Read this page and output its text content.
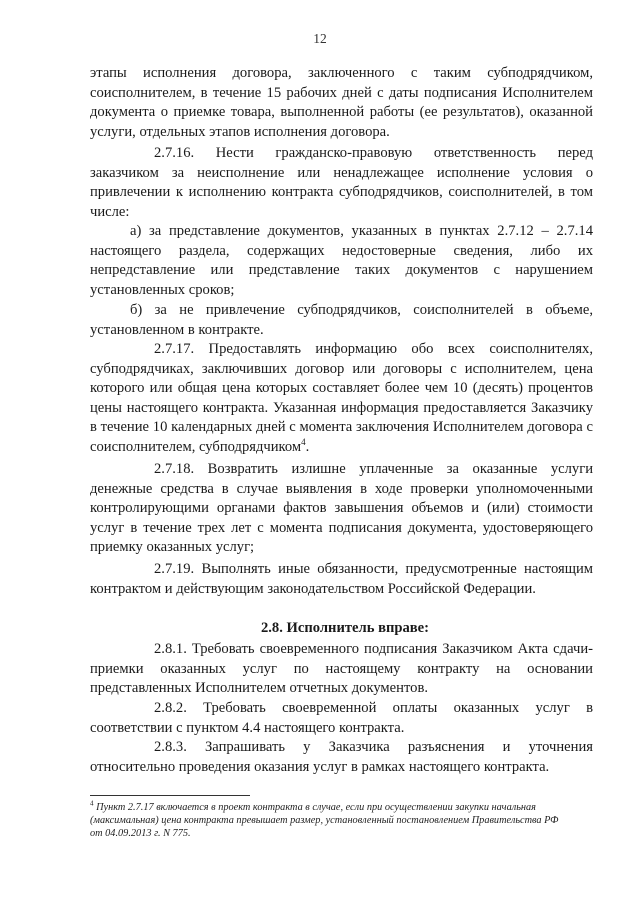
12

этапы исполнения договора, заключенного с таким субподрядчиком, соисполнителем, в течение 15 рабочих дней с даты подписания Исполнителем документа о приемке товара, выполненной работы (ее результатов), оказанной услуги, отдельных этапов исполнения договора.

2.7.16. Нести гражданско-правовую ответственность перед заказчиком за неисполнение или ненадлежащее исполнение условия о привлечении к исполнению контракта субподрядчиков, соисполнителей, в том числе:

а) за представление документов, указанных в пунктах 2.7.12 – 2.7.14 настоящего раздела, содержащих недостоверные сведения, либо их непредставление или представление таких документов с нарушением установленных сроков;

б) за не привлечение субподрядчиков, соисполнителей в объеме, установленном в контракте.

2.7.17. Предоставлять информацию обо всех соисполнителях, субподрядчиках, заключивших договор или договоры с исполнителем, цена которого или общая цена которых составляет более чем 10 (десять) процентов цены настоящего контракта. Указанная информация предоставляется Заказчику в течение 10 календарных дней с момента заключения Исполнителем договора с соисполнителем, субподрядчиком$^4$.

2.7.18. Возвратить излишне уплаченные за оказанные услуги денежные средства в случае выявления в ходе проверки уполномоченными контролирующими органами фактов завышения объемов и (или) стоимости услуг в течение трех лет с момента подписания документа, удостоверяющего приемку оказанных услуг;

2.7.19. Выполнять иные обязанности, предусмотренные настоящим контрактом и действующим законодательством Российской Федерации.

2.8. Исполнитель вправе:

2.8.1. Требовать своевременного подписания Заказчиком Акта сдачи-приемки оказанных услуг по настоящему контракту на основании представленных Исполнителем отчетных документов.

2.8.2. Требовать своевременной оплаты оказанных услуг в соответствии с пунктом 4.4 настоящего контракта.

2.8.3. Запрашивать у Заказчика разъяснения и уточнения относительно проведения оказания услуг в рамках настоящего контракта.

$^4$ Пункт 2.7.17 включается в проект контракта в случае, если при осуществлении закупки начальная (максимальная) цена контракта превышает размер, установленный постановлением Правительства РФ от 04.09.2013 г. N 775.
